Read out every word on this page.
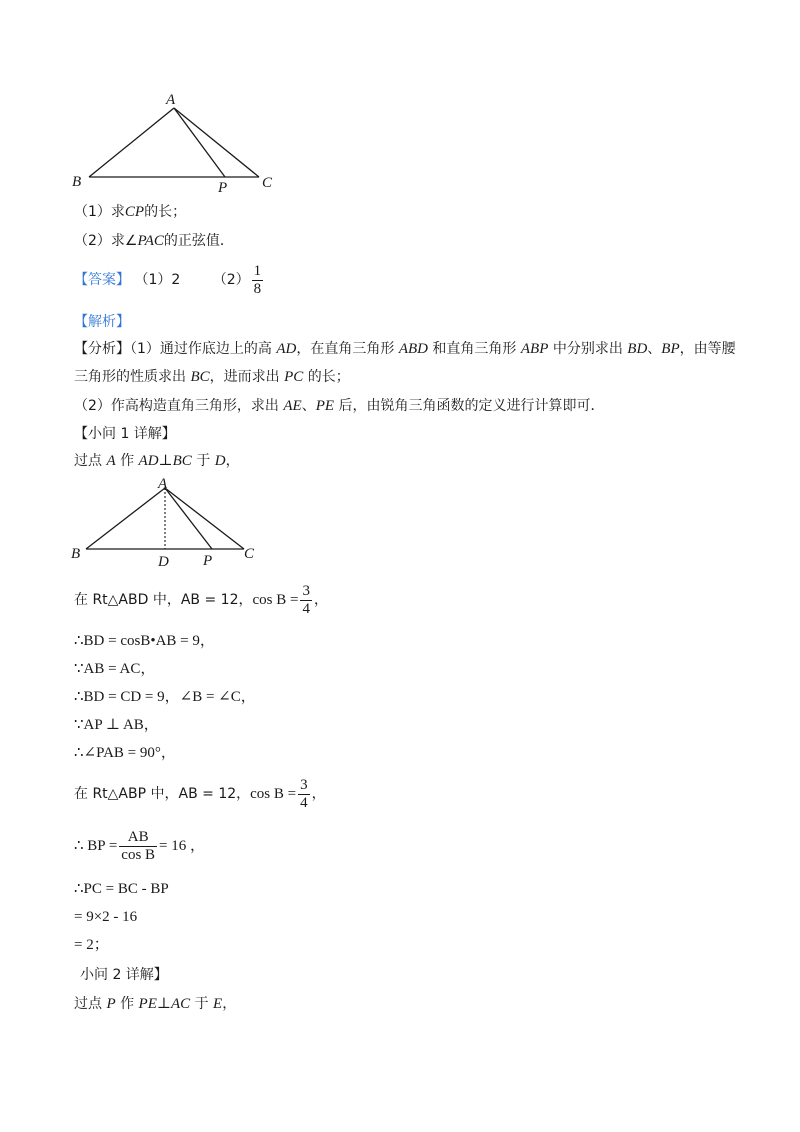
A
B	P C
（1）求CP的长；
（2）求∠PAC的正弦值．
【答案】 （1）2 $(2) \frac{1}{8}$
【解析】
【分析】（1）通过作底边上的高 AD，在直角三角形 ABD 和直角三角形 ABP 中分别求出 BD、BP，由等腰
三角形的性质求出 BC，进而求出 PC 的长；
（2）作高构造直角三角形，求出 AE、PE 后，由锐角三角函数的定义进行计算即可．
【小问 1 详解】
过点 A 作 AD⊥BC 于 D，
A
B	D P C
在 Rt△ABD 中，AB = 12，$\cos B = \frac{3}{4}$ ，
∴BD = cosB•AB = 9，
∵AB = AC，
∴BD = CD = 9，∠B = ∠C，
∵AP ⊥ AB，
∴∠PAB = 90°，
在 Rt△ABP 中，AB = 12，$\cos B = \frac{3}{4}$ ，
∴ BP = $\frac{AB}{\text{cos B}} = 16$ ，
∴PC = BC - BP
= 9×2 - 16
= 2；
小问 2 详解】
过点 P 作 PE⊥AC 于 E，
